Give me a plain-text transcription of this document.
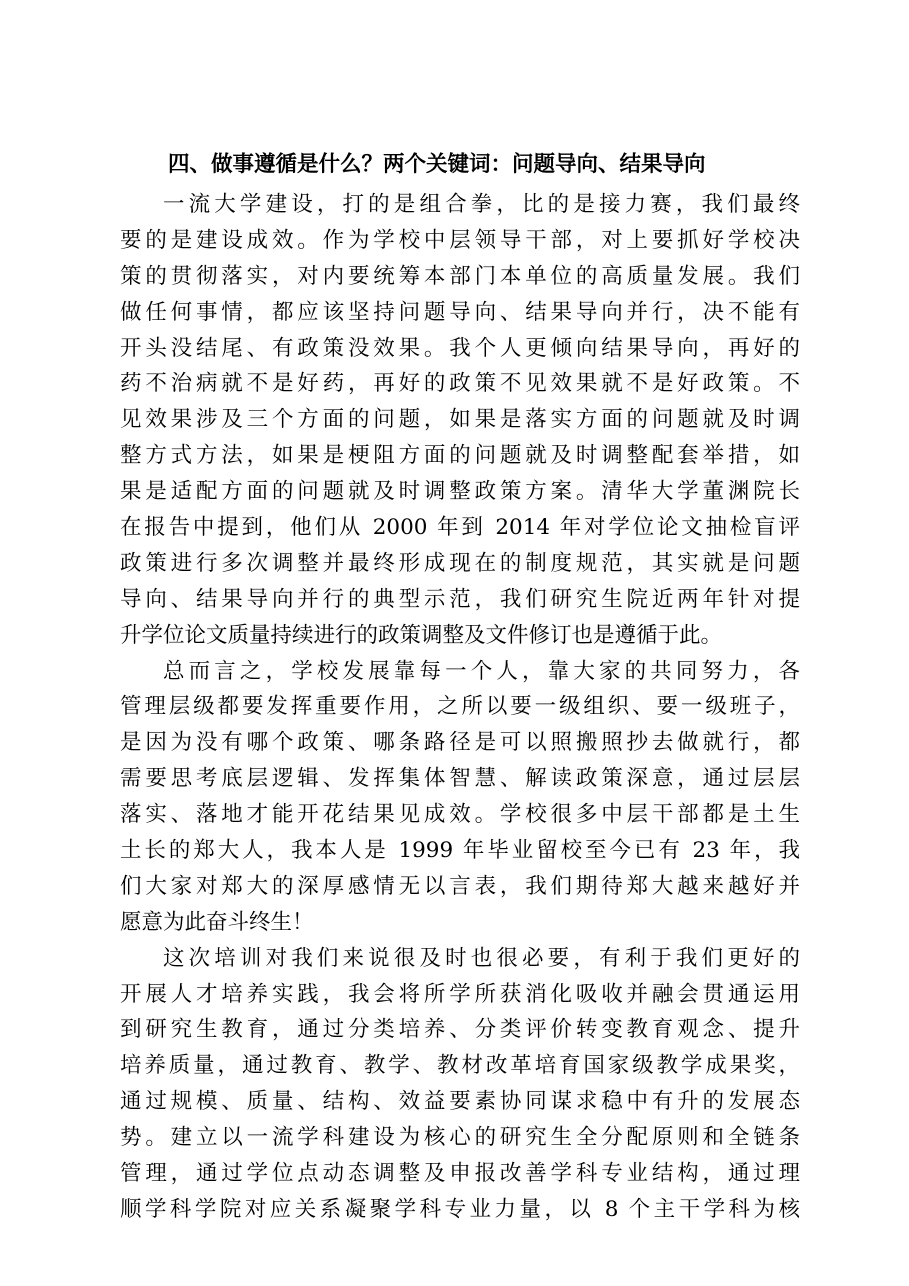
四、做事遵循是什么？两个关键词：问题导向、结果导向
一流大学建设，打的是组合拳，比的是接力赛，我们最终
要的是建设成效。作为学校中层领导干部，对上要抓好学校决
策的贯彻落实，对内要统筹本部门本单位的高质量发展。我们
做任何事情，都应该坚持问题导向、结果导向并行，决不能有
开头没结尾、有政策没效果。我个人更倾向结果导向，再好的
药不治病就不是好药，再好的政策不见效果就不是好政策。不
见效果涉及三个方面的问题，如果是落实方面的问题就及时调
整方式方法，如果是梗阻方面的问题就及时调整配套举措，如
果是适配方面的问题就及时调整政策方案。清华大学董渊院长
在报告中提到，他们从 2000 年到 2014 年对学位论文抽检盲评
政策进行多次调整并最终形成现在的制度规范，其实就是问题
导向、结果导向并行的典型示范，我们研究生院近两年针对提
升学位论文质量持续进行的政策调整及文件修订也是遵循于此。
总而言之，学校发展靠每一个人，靠大家的共同努力，各
管理层级都要发挥重要作用，之所以要一级组织、要一级班子，
是因为没有哪个政策、哪条路径是可以照搬照抄去做就行，都
需要思考底层逻辑、发挥集体智慧、解读政策深意，通过层层
落实、落地才能开花结果见成效。学校很多中层干部都是土生
土长的郑大人，我本人是 1999 年毕业留校至今已有 23 年，我
们大家对郑大的深厚感情无以言表，我们期待郑大越来越好并
愿意为此奋斗终生！
这次培训对我们来说很及时也很必要，有利于我们更好的
开展人才培养实践，我会将所学所获消化吸收并融会贯通运用
到研究生教育，通过分类培养、分类评价转变教育观念、提升
培养质量，通过教育、教学、教材改革培育国家级教学成果奖，
通过规模、质量、结构、效益要素协同谋求稳中有升的发展态
势。建立以一流学科建设为核心的研究生全分配原则和全链条
管理，通过学位点动态调整及申报改善学科专业结构，通过理
顺学科学院对应关系凝聚学科专业力量，以 8 个主干学科为核
